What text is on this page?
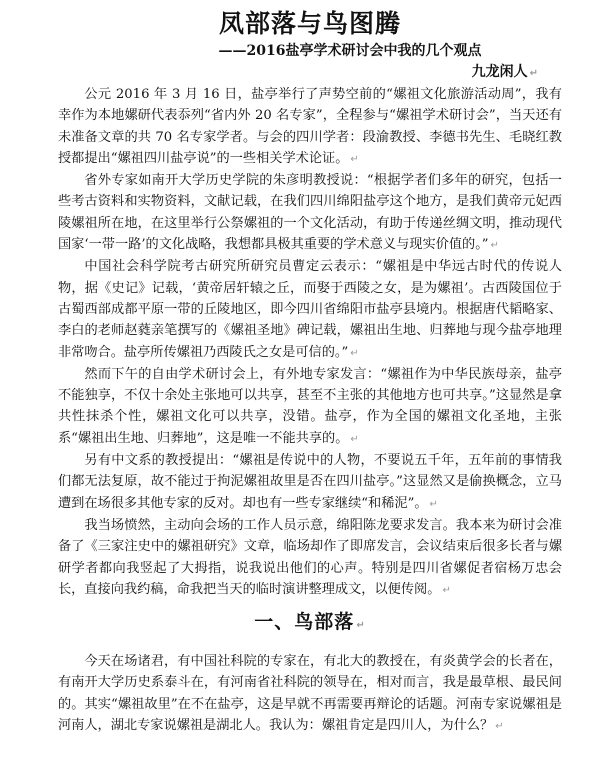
凤部落与鸟图腾

——2016盐亭学术研讨会中我的几个观点

九龙闲人 ↵

公元 2016 年 3 月 16 日，盐亭举行了声势空前的“嫘祖文化旅游活动周”，我有幸作为本地嫘研代表忝列“省内外 20 名专家”，全程参与“嫘祖学术研讨会”，当天还有未准备文章的共 70 名专家学者。与会的四川学者：段渝教授、李德书先生、毛晓红教授都提出“嫘祖四川盐亭说”的一些相关学术论证。 ↵

省外专家如南开大学历史学院的朱彦明教授说：“根据学者们多年的研究，包括一些考古资料和实物资料，文献记载，在我们四川绵阳盐亭这个地方，是我们黄帝元妃西陵嫘祖所在地，在这里举行公祭嫘祖的一个文化活动，有助于传递丝绸文明，推动现代国家‘一带一路’的文化战略，我想都具极其重要的学术意义与现实价值的。” ↵

中国社会科学院考古研究所研究员曹定云表示：“嫘祖是中华远古时代的传说人物，据《史记》记载，‘黄帝居轩辕之丘，而娶于西陵之女，是为嫘祖’。古西陵国位于古蜀西部成都平原一带的丘陵地区，即今四川省绵阳市盐亭县境内。根据唐代韬略家、李白的老师赵蕤亲笔撰写的《嫘祖圣地》碑记载，嫘祖出生地、归葬地与现今盐亭地理非常吻合。盐亭所传嫘祖乃西陵氏之女是可信的。” ↵

然而下午的自由学术研讨会上，有外地专家发言：“嫘祖作为中华民族母亲，盐亭不能独享，不仅十余处主张地可以共享，甚至不主张的其他地方也可共享。”这显然是拿共性抹杀个性，嫘祖文化可以共享，没错。盐亭，作为全国的嫘祖文化圣地，主张系“嫘祖出生地、归葬地”，这是唯一不能共享的。 ↵

另有中文系的教授提出：“嫘祖是传说中的人物，不要说五千年，五年前的事情我们都无法复原，故不能过于拘泥嫘祖故里是否在四川盐亭。”这显然又是偷换概念，立马遭到在场很多其他专家的反对。却也有一些专家继续“和稀泥”。 ↵

我当场愤然，主动向会场的工作人员示意，绵阳陈龙要求发言。我本来为研讨会准备了《三家注史中的嫘祖研究》文章，临场却作了即席发言，会议结束后很多长者与嫘研学者都向我竖起了大拇指，说我说出他们的心声。特别是四川省嫘促者宿杨万忠会长，直接向我约稿，命我把当天的临时演讲整理成文，以便传阅。 ↵

一、鸟部落 ↵

今天在场诸君，有中国社科院的专家在，有北大的教授在，有炎黄学会的长者在，有南开大学历史系泰斗在，有河南省社科院的领导在，相对而言，我是最草根、最民间的。其实“嫘祖故里”在不在盐亭，这是早就不再需要再辩论的话题。河南专家说嫘祖是河南人，湖北专家说嫘祖是湖北人。我认为：嫘祖肯定是四川人，为什么？ ↵
